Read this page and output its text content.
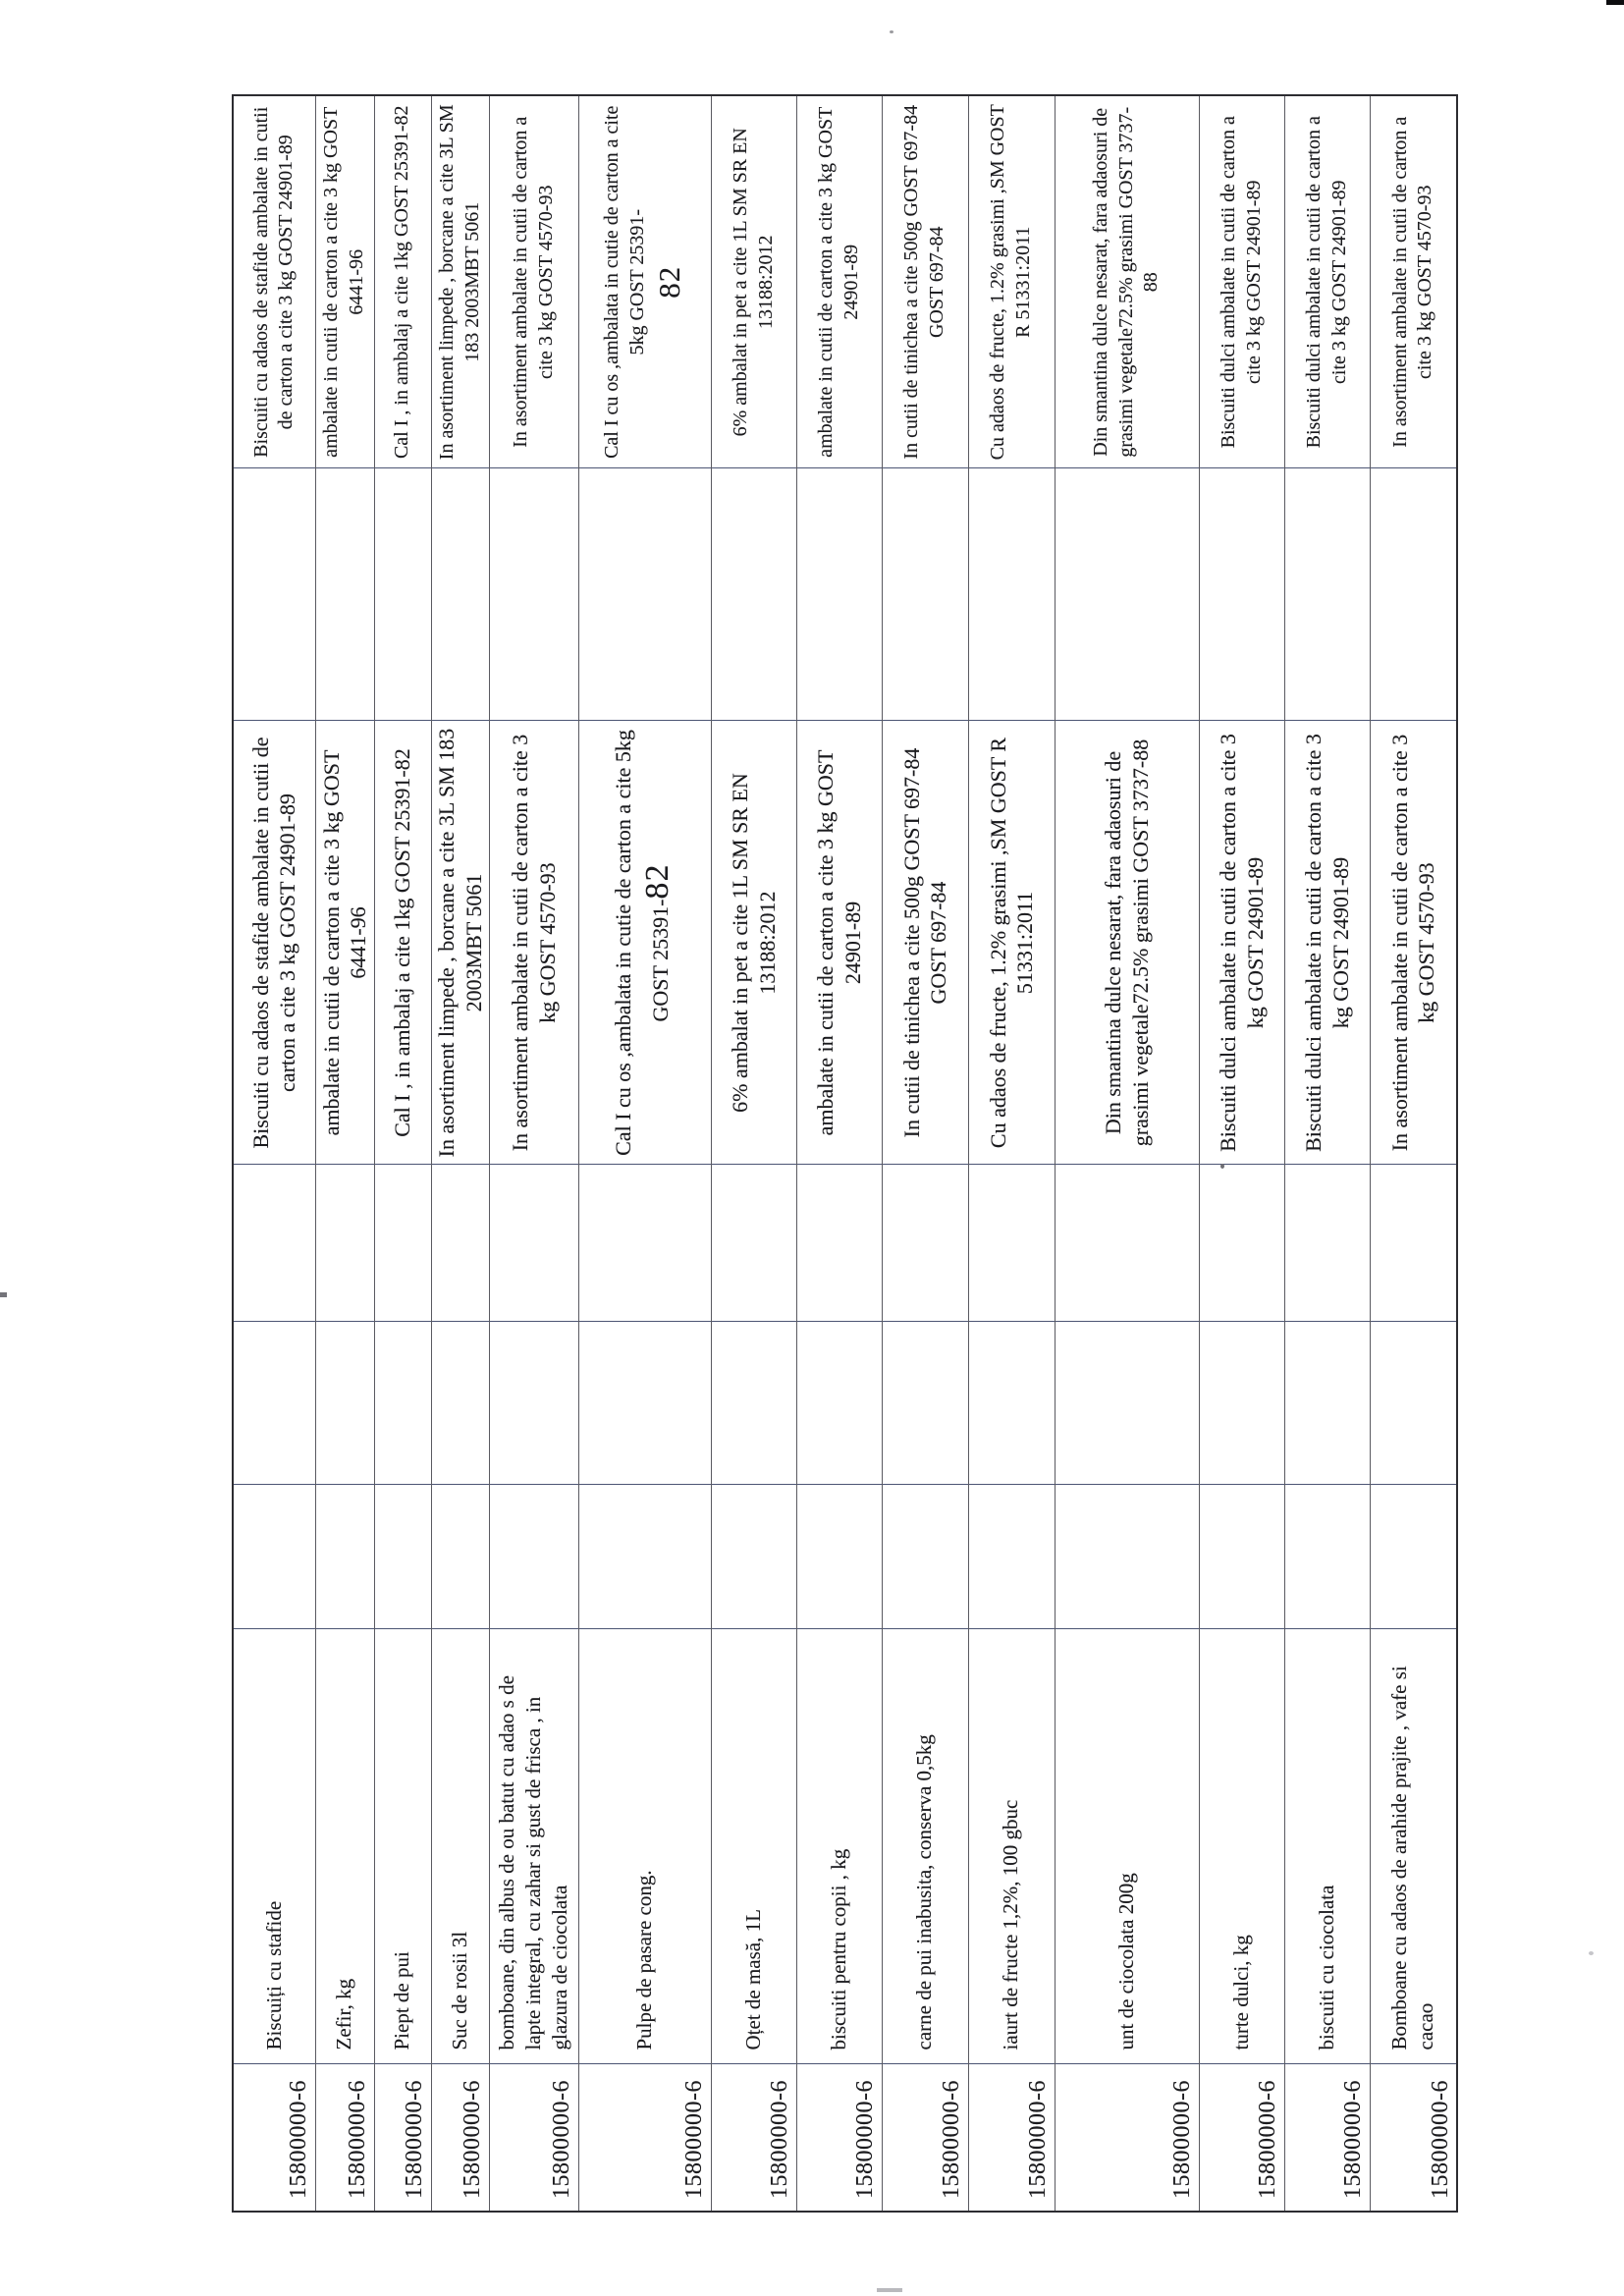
15800000-6	Biscuiți cu stafide				Biscuiti cu adaos de stafide ambalate in cutii de carton a cite 3 kg GOST 24901-89		Biscuiti cu adaos de stafide ambalate in cutii de carton a cite 3 kg GOST 24901-89
15800000-6	Zefir, kg				ambalate in cutii de carton a cite 3 kg GOST 6441-96		ambalate in cutii de carton a cite 3 kg GOST 6441-96
15800000-6	Piept de pui				Cal I , in ambalaj a cite 1kg GOST 25391-82		Cal I , in ambalaj a cite 1kg GOST 25391-82
15800000-6	Suc de rosii 3l				In asortiment limpede , borcane a cite 3L SM 183 2003MBT 5061		In asortiment limpede , borcane a cite 3L SM 183 2003MBT 5061
15800000-6	bomboane, din albus de ou batut cu adao s de lapte integral, cu zahar si gust de frisca , in glazura de ciocolata				In asortiment ambalate in cutii de carton a cite 3 kg GOST 4570-93		In asortiment ambalate in cutii de carton a cite 3 kg GOST 4570-93
15800000-6	Pulpe de pasare cong.				Cal I cu os ,ambalata in cutie de carton a cite 5kg GOST 25391-82		Cal I cu os ,ambalata in cutie de carton a cite 5kg GOST 25391- 82
15800000-6	Oțet de masă, 1L				6% ambalat in pet a cite 1L SM SR EN 13188:2012		6% ambalat in pet a cite 1L SM SR EN 13188:2012
15800000-6	biscuiti pentru copii , kg				ambalate in cutii de carton a cite 3 kg GOST 24901-89		ambalate in cutii de carton a cite 3 kg GOST 24901-89
15800000-6	carne de pui inabusita, conserva 0,5kg				In cutii de tinichea a cite 500g GOST 697-84 GOST 697-84		In cutii de tinichea a cite 500g GOST 697-84 GOST 697-84
15800000-6	iaurt de fructe 1,2%, 100 gbuc				Cu adaos de fructe, 1.2% grasimi ,SM GOST R 51331:2011		Cu adaos de fructe, 1.2% grasimi ,SM GOST R 51331:2011
15800000-6	unt de ciocolata 200g				Din smantina dulce nesarat, fara adaosuri de grasimi vegetale72.5% grasimi GOST 3737-88		Din smantina dulce nesarat, fara adaosuri de grasimi vegetale72.5% grasimi GOST 3737-88
15800000-6	turte dulci, kg				Biscuiti dulci ambalate in cutii de carton a cite 3 kg GOST 24901-89		Biscuiti dulci ambalate in cutii de carton a cite 3 kg GOST 24901-89
15800000-6	biscuiti cu ciocolata				Biscuiti dulci ambalate in cutii de carton a cite 3 kg GOST 24901-89		Biscuiti dulci ambalate in cutii de carton a cite 3 kg GOST 24901-89
15800000-6	Bomboane cu adaos de arahide prajite , vafe si cacao				In asortiment ambalate in cutii de carton a cite 3 kg GOST 4570-93		In asortiment ambalate in cutii de carton a cite 3 kg GOST 4570-93
